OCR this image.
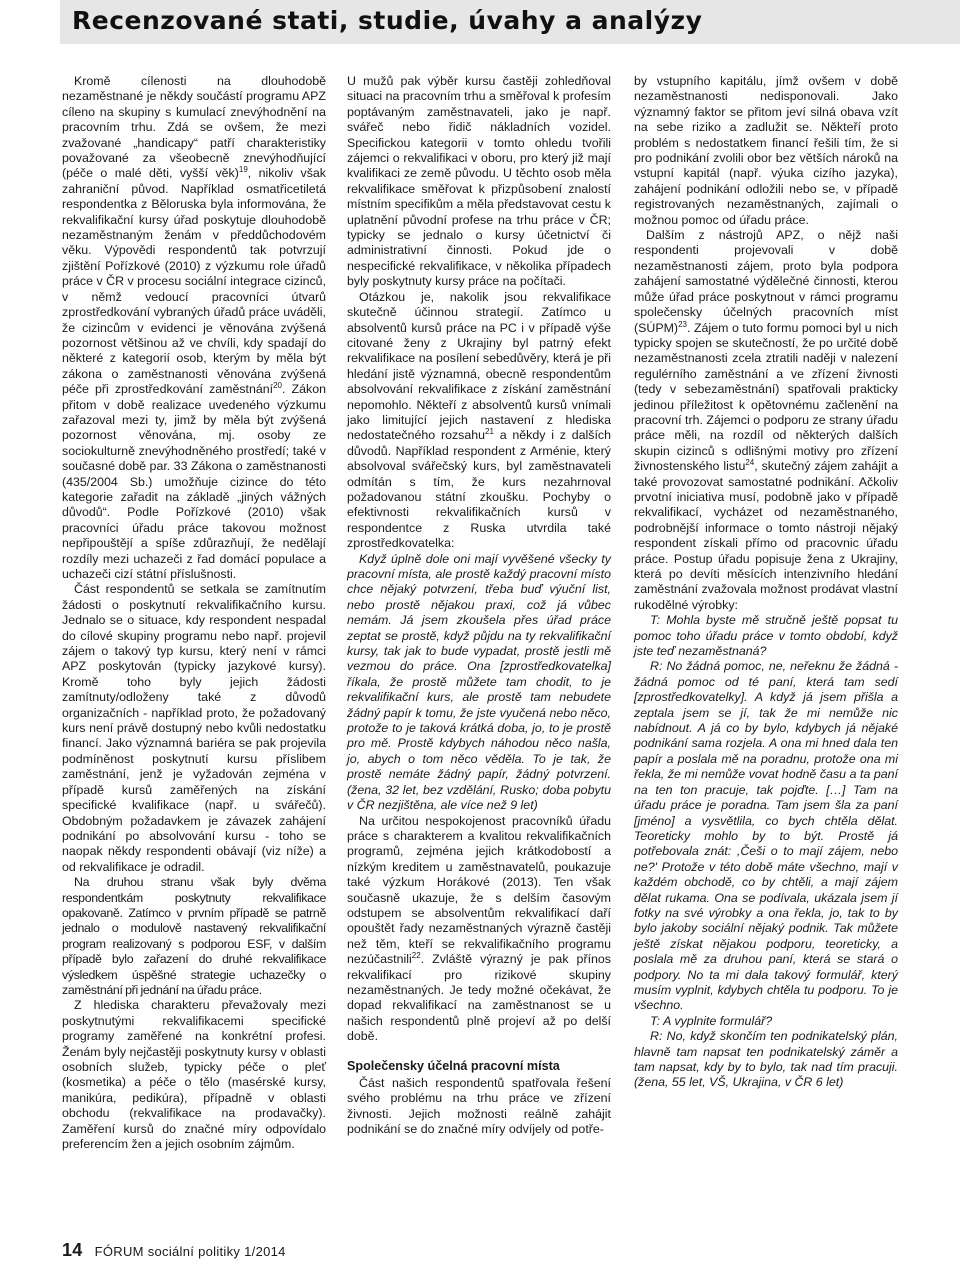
Recenzované stati, studie, úvahy a analýzy

Kromě cílenosti na dlouhodobě nezaměstnané je někdy součástí programu APZ cíleno na skupiny s kumulací znevýhodnění na pracovním trhu. Zdá se ovšem, že mezi zvažované „handicapy“ patří charakteristiky považované za všeobecně znevýhodňující (péče o malé děti, vyšší věk)$^{19}$, nikoliv však zahraniční původ. Například osmatřicetiletá respondentka z Běloruska byla informována, že rekvalifikační kursy úřad poskytuje dlouhodobě nezaměstnaným ženám v předdůchodovém věku. Výpovědi respondentů tak potvrzují zjištění Pořízkové (2010) z výzkumu role úřadů práce v ČR v procesu sociální integrace cizinců, v němž vedoucí pracovníci útvarů zprostředkování vybraných úřadů práce uváděli, že cizincům v evidenci je věnována zvýšená pozornost většinou až ve chvíli, kdy spadají do některé z kategorií osob, kterým by měla být zákona o zaměstnanosti věnována zvýšená péče při zprostředkování zaměstnání$^{20}$. Zákon přitom v době realizace uvedeného výzkumu zařazoval mezi ty, jimž by měla být zvýšená pozornost věnována, mj. osoby ze sociokulturně znevýhodněného prostředí; také v současné době par. 33 Zákona o zaměstnanosti (435/2004 Sb.) umožňuje cizince do této kategorie zařadit na základě „jiných vážných důvodů“. Podle Pořízkové (2010) však pracovníci úřadu práce takovou možnost nepřipouštějí a spíše zdůrazňují, že nedělají rozdíly mezi uchazeči z řad domácí populace a uchazeči cizí státní příslušnosti.

Část respondentů se setkala se zamítnutím žádosti o poskytnutí rekvalifikačního kursu. Jednalo se o situace, kdy respondent nespadal do cílové skupiny programu nebo např. projevil zájem o takový typ kursu, který není v rámci APZ poskytován (typicky jazykové kursy). Kromě toho byly jejich žádosti zamítnuty/odloženy také z důvodů organizačních - například proto, že požadovaný kurs není právě dostupný nebo kvůli nedostatku financí. Jako významná bariéra se pak projevila podmíněnost poskytnutí kursu příslibem zaměstnání, jenž je vyžadován zejména v případě kursů zaměřených na získání specifické kvalifikace (např. u svářečů). Obdobným požadavkem je závazek zahájení podnikání po absolvování kursu - toho se naopak někdy respondenti obávají (viz níže) a od rekvalifikace je odradil.

Na druhou stranu však byly dvěma respondentkám poskytnuty rekvalifikace opakovaně. Zatímco v prvním případě se patrně jednalo o modulově nastavený rekvalifikační program realizovaný s podporou ESF, v dalším případě bylo zařazení do druhé rekvalifikace výsledkem úspěšné strategie uchazečky o zaměstnání při jednání na úřadu práce.

Z hlediska charakteru převažovaly mezi poskytnutými rekvalifikacemi specifické programy zaměřené na konkrétní profesi. Ženám byly nejčastěji poskytnuty kursy v oblasti osobních služeb, typicky péče o pleť (kosmetika) a péče o tělo (masérské kursy, manikúra, pedikúra), případně v oblasti obchodu (rekvalifikace na prodavačky). Zaměření kursů do značné míry odpovídalo preferencím žen a jejich osobním zájmům.

U mužů pak výběr kursu častěji zohledňoval situaci na pracovním trhu a směřoval k profesím poptávaným zaměstnavateli, jako je např. svářeč nebo řidič nákladních vozidel. Specifickou kategorii v tomto ohledu tvořili zájemci o rekvalifikaci v oboru, pro který již mají kvalifikaci ze země původu. U těchto osob měla rekvalifikace směřovat k přizpůsobení znalostí místním specifikům a měla představovat cestu k uplatnění původní profese na trhu práce v ČR; typicky se jednalo o kursy účetnictví či administrativní činnosti. Pokud jde o nespecifické rekvalifikace, v několika případech byly poskytnuty kursy práce na počítači.

Otázkou je, nakolik jsou rekvalifikace skutečně účinnou strategií. Zatímco u absolventů kursů práce na PC i v případě výše citované ženy z Ukrajiny byl patrný efekt rekvalifikace na posílení sebedůvěry, která je při hledání jistě významná, obecně respondentům absolvování rekvalifikace z získání zaměstnání nepomohlo. Někteří z absolventů kursů vnímali jako limitující jejich nastavení z hlediska nedostatečného rozsahu$^{21}$ a někdy i z dalších důvodů. Například respondent z Arménie, který absolvoval svářečský kurs, byl zaměstnavateli odmítán s tím, že kurs nezahrnoval požadovanou státní zkoušku. Pochyby o efektivnosti rekvalifikačních kursů v respondentce z Ruska utvrdila také zprostředkovatelka:

Když úplně dole oni mají vyvěšené všecky ty pracovní místa, ale prostě každý pracovní místo chce nějaký potvrzení, třeba buď výuční list, nebo prostě nějakou praxi, což já vůbec nemám. Já jsem zkoušela přes úřad práce zeptat se prostě, když půjdu na ty rekvalifikační kursy, tak jak to bude vypadat, prostě jestli mě vezmou do práce. Ona [zprostředkovatelka] říkala, že prostě můžete tam chodit, to je rekvalifikační kurs, ale prostě tam nebudete žádný papír k tomu, že jste vyučená nebo něco, protože to je taková krátká doba, jo, to je prostě pro mě. Prostě kdybych náhodou něco našla, jo, abych o tom něco věděla. To je tak, že prostě nemáte žádný papír, žádný potvrzení. (žena, 32 let, bez vzdělání, Rusko; doba pobytu v ČR nezjištěna, ale více než 9 let)

Na určitou nespokojenost pracovníků úřadu práce s charakterem a kvalitou rekvalifikačních programů, zejména jejich krátkodobostí a nízkým kreditem u zaměstnavatelů, poukazuje také výzkum Horákové (2013). Ten však současně ukazuje, že s delším časovým odstupem se absolventům rekvalifikací daří opouštět řady nezaměstnaných výrazně častěji než těm, kteří se rekvalifikačního programu nezúčastnili$^{22}$. Zvláště výrazný je pak přínos rekvalifikací pro rizikové skupiny nezaměstnaných. Je tedy možné očekávat, že dopad rekvalifikací na zaměstnanost se u našich respondentů plně projeví až po delší době.

Společensky účelná pracovní místa

Část našich respondentů spatřovala řešení svého problému na trhu práce ve zřízení živnosti. Jejich možnosti reálně zahájit podnikání se do značné míry odvíjely od potře-

by vstupního kapitálu, jímž ovšem v době nezaměstnanosti nedisponovali. Jako významný faktor se přitom jeví silná obava vzít na sebe riziko a zadlužit se. Někteří proto problém s nedostatkem financí řešili tím, že si pro podnikání zvolili obor bez větších nároků na vstupní kapitál (např. výuka cizího jazyka), zahájení podnikání odložili nebo se, v případě registrovaných nezaměstnaných, zajímali o možnou pomoc od úřadu práce.

Dalším z nástrojů APZ, o nějž naši respondenti projevovali v době nezaměstnanosti zájem, proto byla podpora zahájení samostatné výdělečné činnosti, kterou může úřad práce poskytnout v rámci programu společensky účelných pracovních míst (SÚPM)$^{23}$. Zájem o tuto formu pomoci byl u nich typicky spojen se skutečností, že po určité době nezaměstnanosti zcela ztratili naději v nalezení regulérního zaměstnání a ve zřízení živnosti (tedy v sebezaměstnání) spatřovali prakticky jedinou příležitost k opětovnému začlenění na pracovní trh. Zájemci o podporu ze strany úřadu práce měli, na rozdíl od některých dalších skupin cizinců s odlišnými motivy pro zřízení živnostenského listu$^{24}$, skutečný zájem zahájit a také provozovat samostatné podnikání. Ačkoliv prvotní iniciativa musí, podobně jako v případě rekvalifikací, vycházet od nezaměstnaného, podrobnější informace o tomto nástroji nějaký respondent získali přímo od pracovnic úřadu práce. Postup úřadu popisuje žena z Ukrajiny, která po devíti měsících intenzivního hledání zaměstnání zvažovala možnost prodávat vlastní rukodělné výrobky:

T: Mohla byste mě stručně ještě popsat tu pomoc toho úřadu práce v tomto období, když jste teď nezaměstnaná?

R: No žádná pomoc, ne, neřeknu že žádná - žádná pomoc od té paní, která tam sedí [zprostředkovatelky]. A když já jsem přišla a zeptala jsem se jí, tak že mi nemůže nic nabídnout. A já co by bylo, kdybych já nějaké podnikání sama rozjela. A ona mi hned dala ten papír a poslala mě na poradnu, protože ona mi řekla, že mi nemůže vovat hodně času a ta paní na ten ton pracuje, tak pojďte. […] Tam na úřadu práce je poradna. Tam jsem šla za paní [jméno] a vysvětlila, co bych chtěla dělat. Teoreticky mohlo by to být. Prostě já potřebovala znát: ,Češi o to mají zájem, nebo ne?' Protože v této době máte všechno, mají v každém obchodě, co by chtěli, a mají zájem dělat rukama. Ona se podívala, ukázala jsem jí fotky na své výrobky a ona řekla, jo, tak to by bylo jakoby sociální nějaký podnik. Tak můžete ještě získat nějakou podporu, teoreticky, a poslala mě za druhou paní, která se stará o podpory. No ta mi dala takový formulář, který musím vyplnit, kdybych chtěla tu podporu. To je všechno.

T: A vyplnite formulář?

R: No, když skončím ten podnikatelský plán, hlavně tam napsat ten podnikatelský záměr a tam napsat, kdy by to bylo, tak nad tím pracuji. (žena, 55 let, VŠ, Ukrajina, v ČR 6 let)

14 FÓRUM sociální politiky 1/2014
